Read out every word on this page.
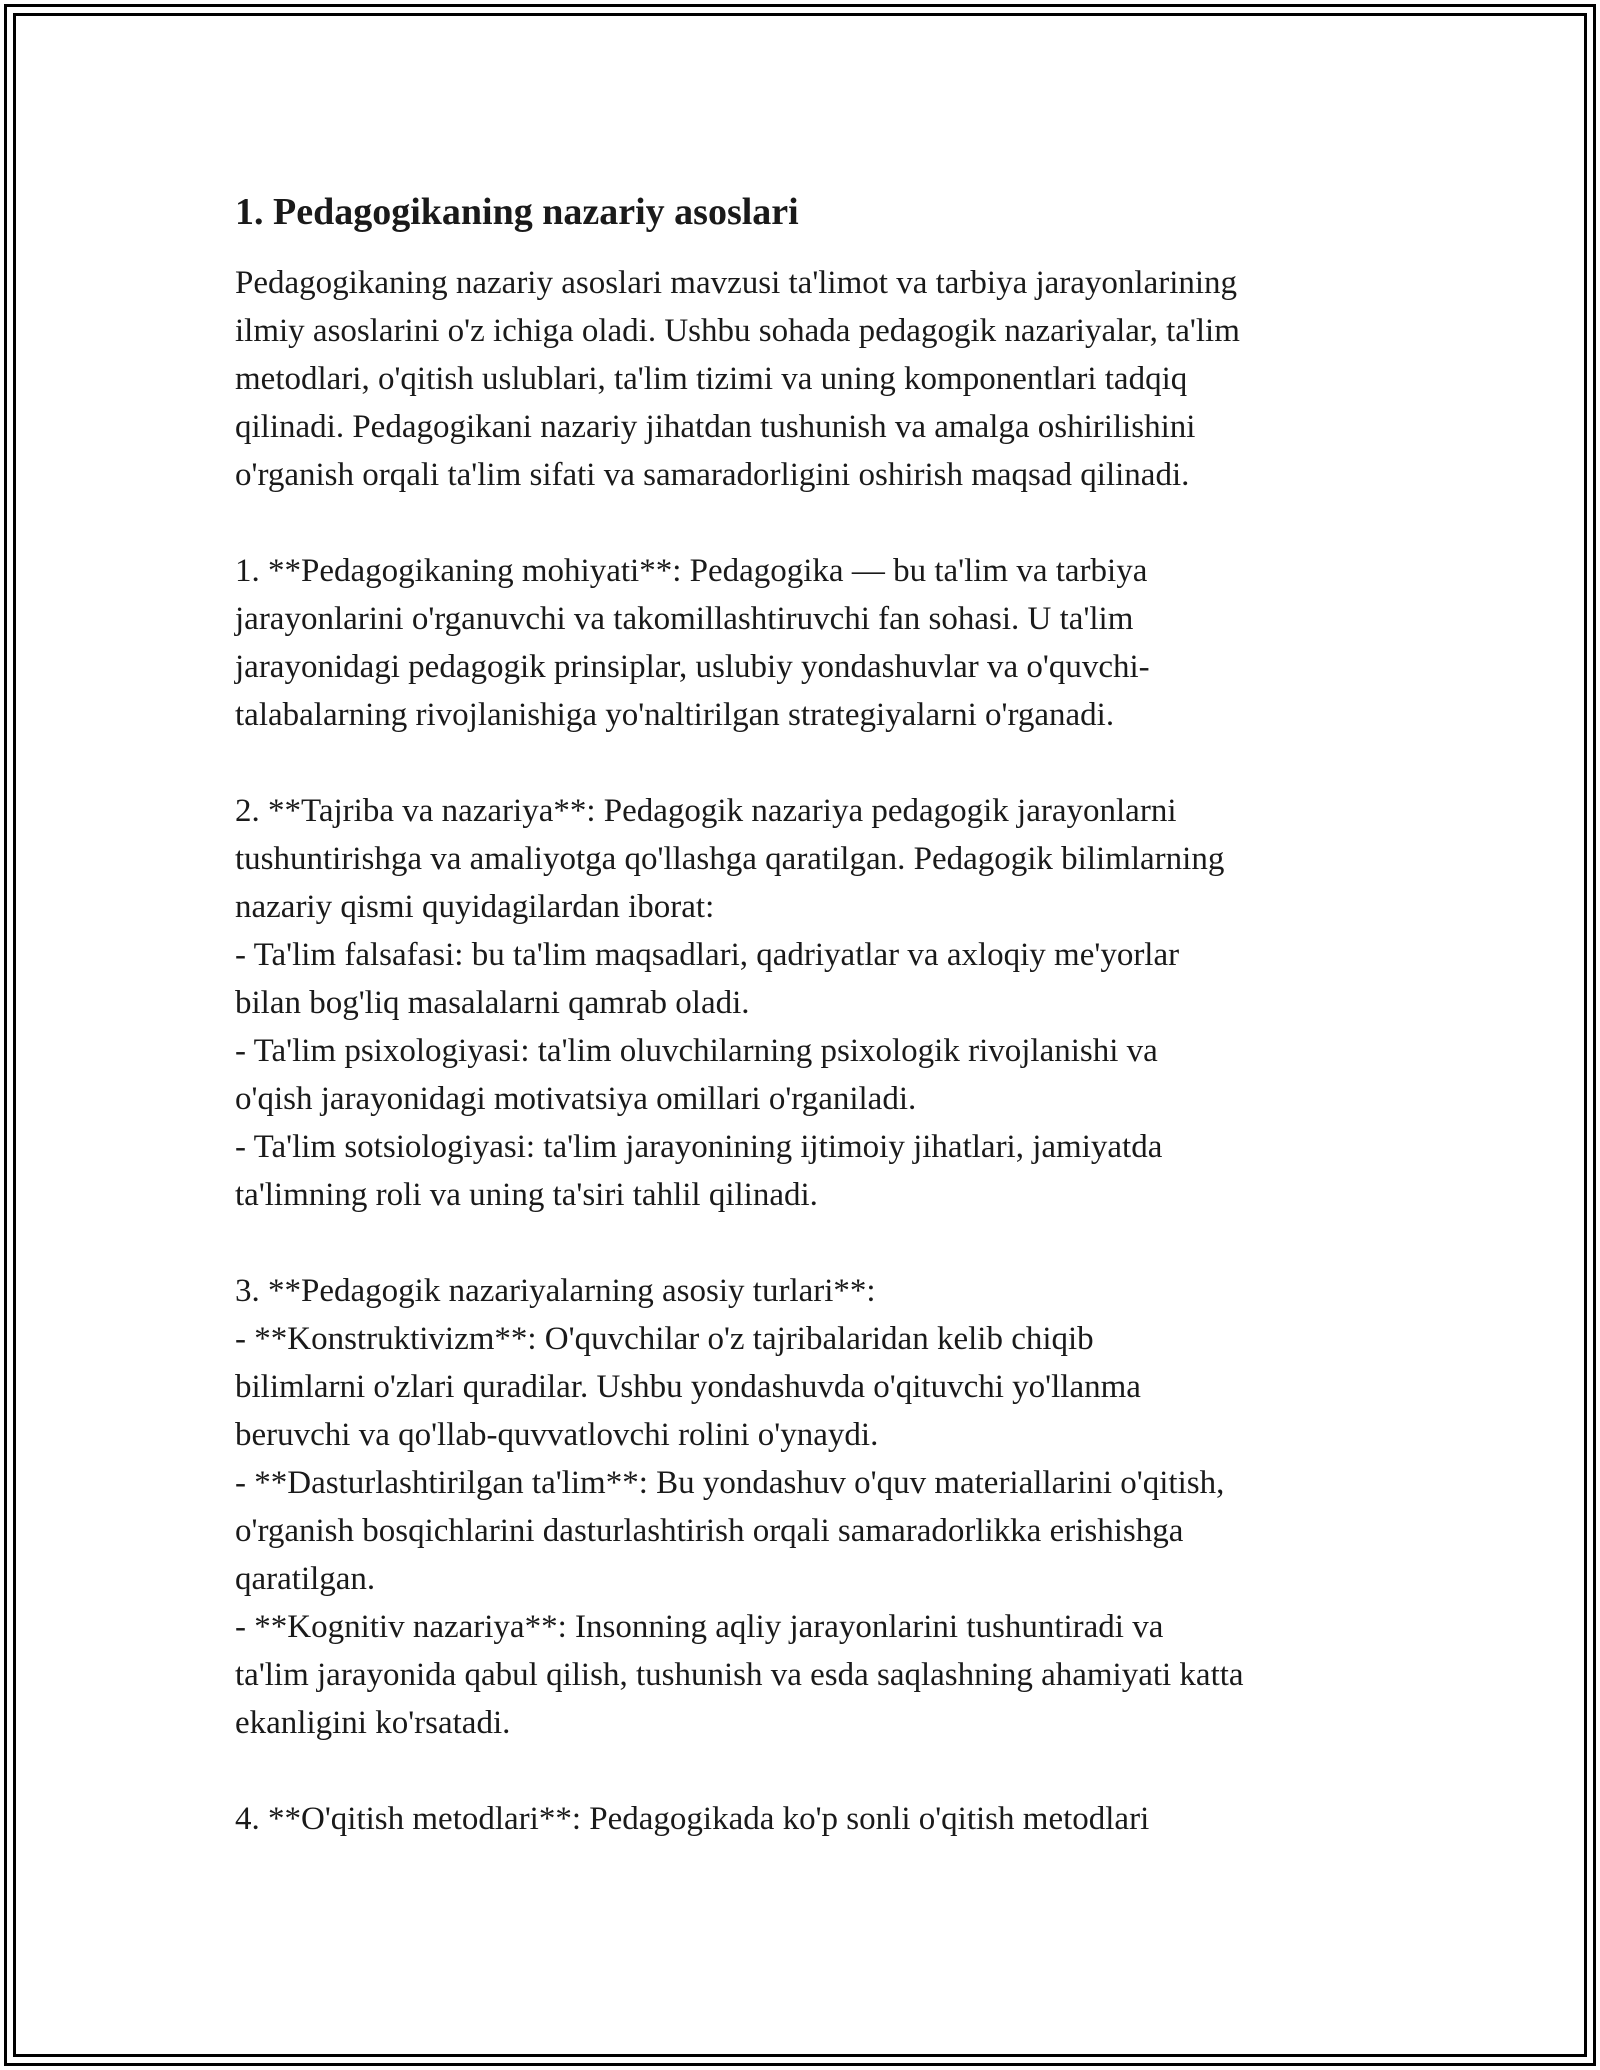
1. Pedagogikaning nazariy asoslari

Pedagogikaning nazariy asoslari mavzusi ta'limot va tarbiya jarayonlarining
ilmiy asoslarini o'z ichiga oladi. Ushbu sohada pedagogik nazariyalar, ta'lim
metodlari, o'qitish uslublari, ta'lim tizimi va uning komponentlari tadqiq
qilinadi. Pedagogikani nazariy jihatdan tushunish va amalga oshirilishini
o'rganish orqali ta'lim sifati va samaradorligini oshirish maqsad qilinadi.

1. **Pedagogikaning mohiyati**: Pedagogika — bu ta'lim va tarbiya
jarayonlarini o'rganuvchi va takomillashtiruvchi fan sohasi. U ta'lim
jarayonidagi pedagogik prinsiplar, uslubiy yondashuvlar va o'quvchi-
talabalarning rivojlanishiga yo'naltirilgan strategiyalarni o'rganadi.

2. **Tajriba va nazariya**: Pedagogik nazariya pedagogik jarayonlarni
tushuntirishga va amaliyotga qo'llashga qaratilgan. Pedagogik bilimlarning
nazariy qismi quyidagilardan iborat:
- Ta'lim falsafasi: bu ta'lim maqsadlari, qadriyatlar va axloqiy me'yorlar
bilan bog'liq masalalarni qamrab oladi.
- Ta'lim psixologiyasi: ta'lim oluvchilarning psixologik rivojlanishi va
o'qish jarayonidagi motivatsiya omillari o'rganiladi.
- Ta'lim sotsiologiyasi: ta'lim jarayonining ijtimoiy jihatlari, jamiyatda
ta'limning roli va uning ta'siri tahlil qilinadi.

3. **Pedagogik nazariyalarning asosiy turlari**:
- **Konstruktivizm**: O'quvchilar o'z tajribalaridan kelib chiqib
bilimlarni o'zlari quradilar. Ushbu yondashuvda o'qituvchi yo'llanma
beruvchi va qo'llab-quvvatlovchi rolini o'ynaydi.
- **Dasturlashtirilgan ta'lim**: Bu yondashuv o'quv materiallarini o'qitish,
o'rganish bosqichlarini dasturlashtirish orqali samaradorlikka erishishga
qaratilgan.
- **Kognitiv nazariya**: Insonning aqliy jarayonlarini tushuntiradi va
ta'lim jarayonida qabul qilish, tushunish va esda saqlashning ahamiyati katta
ekanligini ko'rsatadi.

4. **O'qitish metodlari**: Pedagogikada ko'p sonli o'qitish metodlari
